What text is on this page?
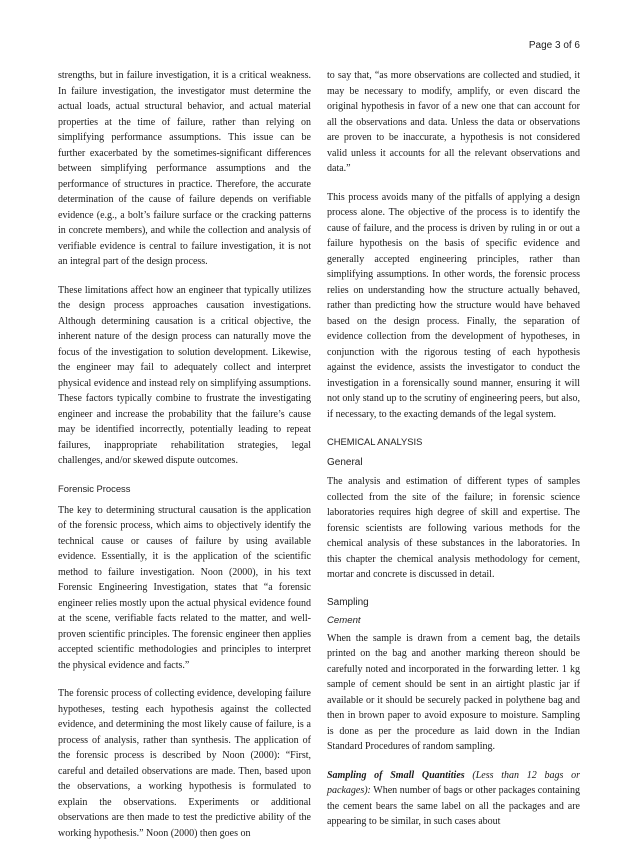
Page 3 of 6

strengths, but in failure investigation, it is a critical weakness. In failure investigation, the investigator must determine the actual loads, actual structural behavior, and actual material properties at the time of failure, rather than relying on simplifying performance assumptions. This issue can be further exacerbated by the sometimes-significant differences between simplifying performance assumptions and the performance of structures in practice. Therefore, the accurate determination of the cause of failure depends on verifiable evidence (e.g., a bolt’s failure surface or the cracking patterns in concrete members), and while the collection and analysis of verifiable evidence is central to failure investigation, it is not an integral part of the design process.

These limitations affect how an engineer that typically utilizes the design process approaches causation investigations. Although determining causation is a critical objective, the inherent nature of the design process can naturally move the focus of the investigation to solution development. Likewise, the engineer may fail to adequately collect and interpret physical evidence and instead rely on simplifying assumptions. These factors typically combine to frustrate the investigating engineer and increase the probability that the failure’s cause may be identified incorrectly, potentially leading to repeat failures, inappropriate rehabilitation strategies, legal challenges, and/or skewed dispute outcomes.

Forensic Process

The key to determining structural causation is the application of the forensic process, which aims to objectively identify the technical cause or causes of failure by using available evidence. Essentially, it is the application of the scientific method to failure investigation. Noon (2000), in his text Forensic Engineering Investigation, states that “a forensic engineer relies mostly upon the actual physical evidence found at the scene, verifiable facts related to the matter, and well-proven scientific principles. The forensic engineer then applies accepted scientific methodologies and principles to interpret the physical evidence and facts.”

The forensic process of collecting evidence, developing failure hypotheses, testing each hypothesis against the collected evidence, and determining the most likely cause of failure, is a process of analysis, rather than synthesis. The application of the forensic process is described by Noon (2000): “First, careful and detailed observations are made. Then, based upon the observations, a working hypothesis is formulated to explain the observations. Experiments or additional observations are then made to test the predictive ability of the working hypothesis.” Noon (2000) then goes on

to say that, “as more observations are collected and studied, it may be necessary to modify, amplify, or even discard the original hypothesis in favor of a new one that can account for all the observations and data. Unless the data or observations are proven to be inaccurate, a hypothesis is not considered valid unless it accounts for all the relevant observations and data.”

This process avoids many of the pitfalls of applying a design process alone. The objective of the process is to identify the cause of failure, and the process is driven by ruling in or out a failure hypothesis on the basis of specific evidence and generally accepted engineering principles, rather than simplifying assumptions. In other words, the forensic process relies on understanding how the structure actually behaved, rather than predicting how the structure would have behaved based on the design process. Finally, the separation of evidence collection from the development of hypotheses, in conjunction with the rigorous testing of each hypothesis against the evidence, assists the investigator to conduct the investigation in a forensically sound manner, ensuring it will not only stand up to the scrutiny of engineering peers, but also, if necessary, to the exacting demands of the legal system.

CHEMICAL ANALYSIS
General

The analysis and estimation of different types of samples collected from the site of the failure; in forensic science laboratories requires high degree of skill and expertise. The forensic scientists are following various methods for the chemical analysis of these substances in the laboratories. In this chapter the chemical analysis methodology for cement, mortar and concrete is discussed in detail.

Sampling
Cement

When the sample is drawn from a cement bag, the details printed on the bag and another marking thereon should be carefully noted and incorporated in the forwarding letter. 1 kg sample of cement should be sent in an airtight plastic jar if available or it should be securely packed in polythene bag and then in brown paper to avoid exposure to moisture. Sampling is done as per the procedure as laid down in the Indian Standard Procedures of random sampling.

Sampling of Small Quantities (Less than 12 bags or packages): When number of bags or other packages containing the cement bears the same label on all the packages and are appearing to be similar, in such cases about
